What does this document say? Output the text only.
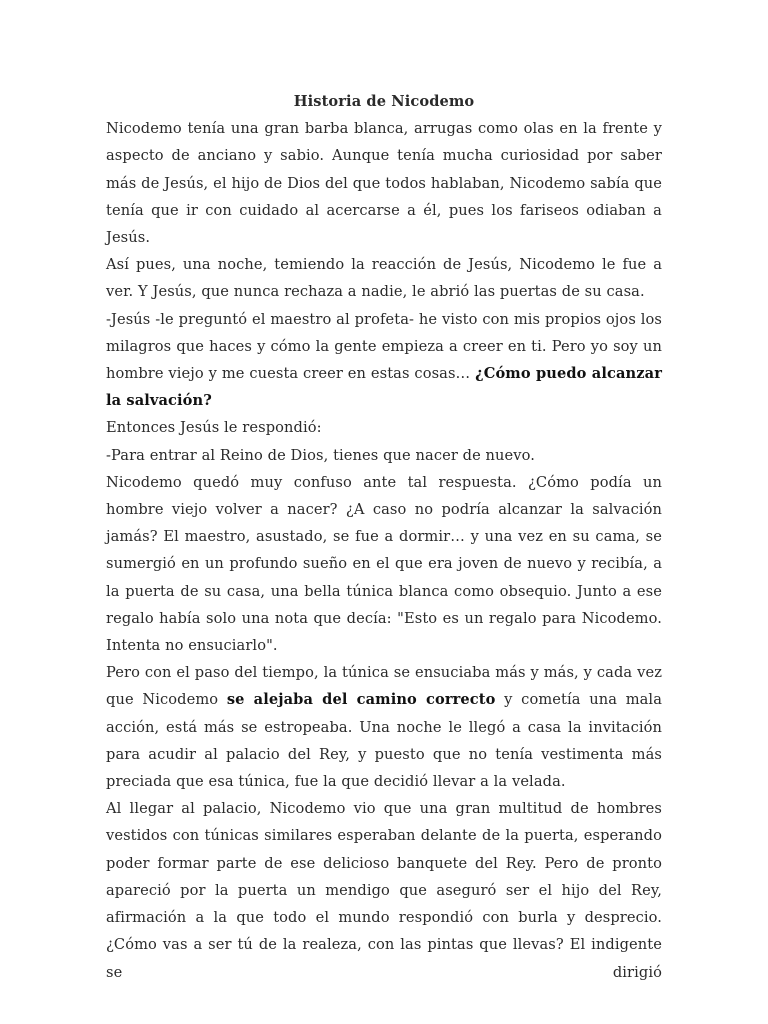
Historia de Nicodemo

Nicodemo tenía una gran barba blanca, arrugas como olas en la frente y aspecto de anciano y sabio. Aunque tenía mucha curiosidad por saber más de Jesús, el hijo de Dios del que todos hablaban, Nicodemo sabía que tenía que ir con cuidado al acercarse a él, pues los fariseos odiaban a Jesús.

Así pues, una noche, temiendo la reacción de Jesús, Nicodemo le fue a ver. Y Jesús, que nunca rechaza a nadie, le abrió las puertas de su casa.

-Jesús -le preguntó el maestro al profeta- he visto con mis propios ojos los milagros que haces y cómo la gente empieza a creer en ti. Pero yo soy un hombre viejo y me cuesta creer en estas cosas… ¿Cómo puedo alcanzar la salvación?

Entonces Jesús le respondió:

-Para entrar al Reino de Dios, tienes que nacer de nuevo.

Nicodemo quedó muy confuso ante tal respuesta. ¿Cómo podía un hombre viejo volver a nacer? ¿A caso no podría alcanzar la salvación jamás? El maestro, asustado, se fue a dormir… y una vez en su cama, se sumergió en un profundo sueño en el que era joven de nuevo y recibía, a la puerta de su casa, una bella túnica blanca como obsequio. Junto a ese regalo había solo una nota que decía: "Esto es un regalo para Nicodemo. Intenta no ensuciarlo".

Pero con el paso del tiempo, la túnica se ensuciaba más y más, y cada vez que Nicodemo se alejaba del camino correcto y cometía una mala acción, está más se estropeaba. Una noche le llegó a casa la invitación para acudir al palacio del Rey, y puesto que no tenía vestimenta más preciada que esa túnica, fue la que decidió llevar a la velada.

Al llegar al palacio, Nicodemo vio que una gran multitud de hombres vestidos con túnicas similares esperaban delante de la puerta, esperando poder formar parte de ese delicioso banquete del Rey. Pero de pronto apareció por la puerta un mendigo que aseguró ser el hijo del Rey, afirmación a la que todo el mundo respondió con burla y desprecio. ¿Cómo vas a ser tú de la realeza, con las pintas que llevas? El indigente se dirigió
